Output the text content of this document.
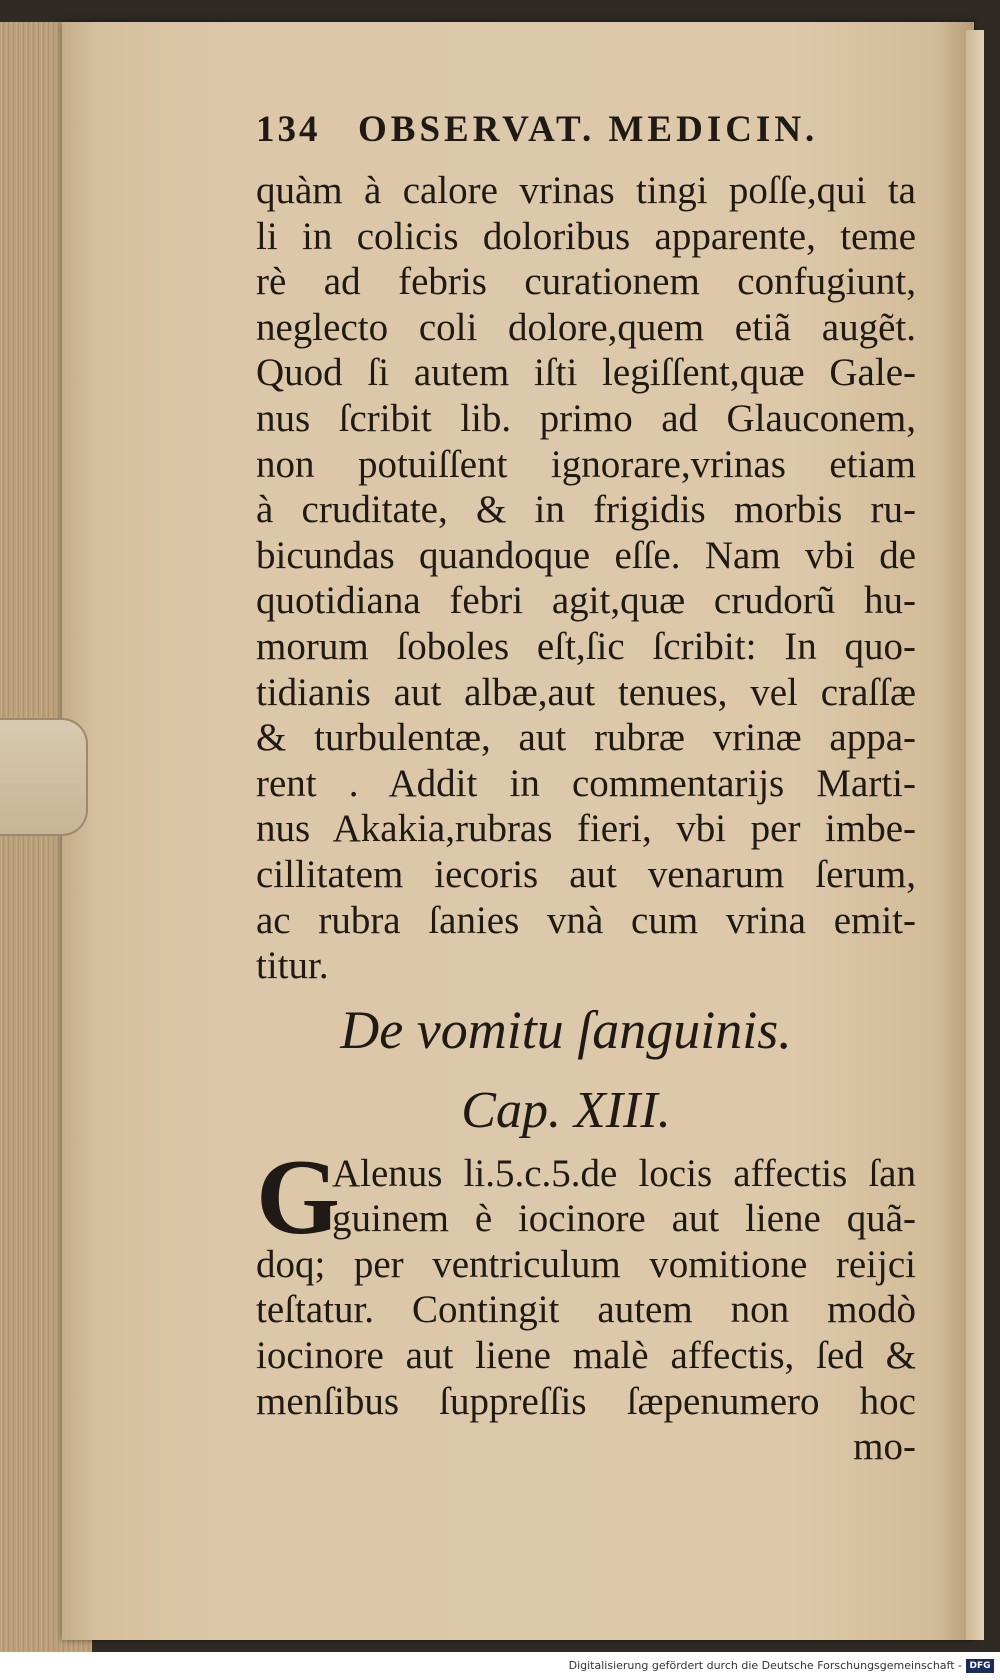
134	OBSERVAT. MEDICIN.
quàm à calore vrinas tingi poſſe,qui ta
li in colicis doloribus apparente, teme
rè ad febris curationem confugiunt,
neglecto coli dolore,quem etiã augẽt.
Quod ſi autem iſti legiſſent,quæ Gale-
nus ſcribit lib. primo ad Glauconem,
non potuiſſent ignorare,vrinas etiam
à cruditate, & in frigidis morbis ru-
bicundas quandoque eſſe. Nam vbi de
quotidiana febri agit,quæ crudorũ hu-
morum ſoboles eſt,ſic ſcribit: In quo-
tidianis aut albæ,aut tenues, vel craſſæ
& turbulentæ, aut rubræ vrinæ appa-
rent . Addit in commentarijs Marti-
nus Akakia,rubras fieri, vbi per imbe-
cillitatem iecoris aut venarum ſerum,
ac rubra ſanies vnà cum vrina emit-
titur.
De vomitu ſanguinis.
Cap. XIII.
G
Alenus li.5.c.5.de locis affectis ſan
guinem è iocinore aut liene quã-
doq; per ventriculum vomitione reijci
teſtatur. Contingit autem non modò
iocinore aut liene malè affectis, ſed &
menſibus ſuppreſſis ſæpenumero hoc
mo-
Digitalisierung gefördert durch die Deutsche Forschungsgemeinschaft - DFG
